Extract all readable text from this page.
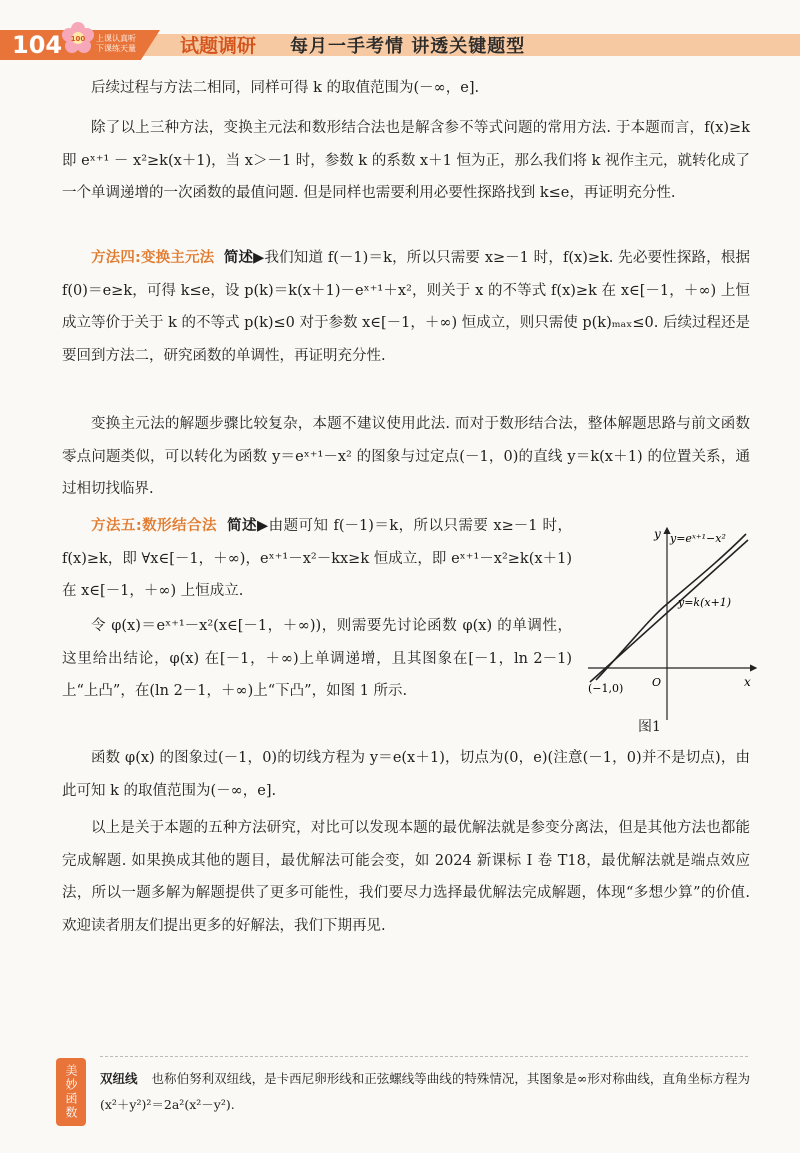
104 100 上课认真听 下课练天量	试题调研 每月一手考情 讲透关键题型
后续过程与方法二相同，同样可得 k 的取值范围为(－∞，e].
除了以上三种方法，变换主元法和数形结合法也是解含参不等式问题的常用方法. 于本题而言，f(x)≥k 即 eˣ⁺¹ － x²≥k(x＋1)，当 x＞－1 时，参数 k 的系数 x＋1 恒为正，那么我们将 k 视作主元，就转化成了一个单调递增的一次函数的最值问题. 但是同样也需要利用必要性探路找到 k≤e，再证明充分性.
方法四:变换主元法 简述▶我们知道 f(－1)＝k，所以只需要 x≥－1 时，f(x)≥k. 先必要性探路，根据 f(0)＝e≥k，可得 k≤e，设 p(k)＝k(x＋1)－eˣ⁺¹＋x²，则关于 x 的不等式 f(x)≥k 在 x∈[－1，＋∞) 上恒成立等价于关于 k 的不等式 p(k)≤0 对于参数 x∈[－1，＋∞) 恒成立，则只需使 p(k)ₘₐₓ≤0. 后续过程还是要回到方法二，研究函数的单调性，再证明充分性.
变换主元法的解题步骤比较复杂，本题不建议使用此法. 而对于数形结合法，整体解题思路与前文函数零点问题类似，可以转化为函数 y＝eˣ⁺¹－x² 的图象与过定点(－1，0)的直线 y＝k(x＋1) 的位置关系，通过相切找临界.
方法五:数形结合法 简述▶由题可知 f(－1)＝k，所以只需要 x≥－1 时，f(x)≥k，即 ∀x∈[－1，＋∞)，eˣ⁺¹－x²－kx≥k 恒成立，即 eˣ⁺¹－x²≥k(x＋1) 在 x∈[－1，＋∞) 上恒成立.
令 φ(x)＝eˣ⁺¹－x²(x∈[－1，＋∞))，则需要先讨论函数 φ(x) 的单调性，这里给出结论，φ(x) 在[－1，＋∞)上单调递增，且其图象在[－1，ln 2－1)上“上凸”，在(ln 2－1，＋∞)上“下凸”，如图 1 所示.
y=eˣ⁺¹−x²
y=k(x+1)
(−1,0)	O	x
y
图1
函数 φ(x) 的图象过(－1，0)的切线方程为 y＝e(x＋1)，切点为(0，e)(注意(－1，0)并不是切点)，由此可知 k 的取值范围为(－∞，e].
以上是关于本题的五种方法研究，对比可以发现本题的最优解法就是参变分离法，但是其他方法也都能完成解题. 如果换成其他的题目，最优解法可能会变，如 2024 新课标 Ⅰ 卷 T18，最优解法就是端点效应法，所以一题多解为解题提供了更多可能性，我们要尽力选择最优解法完成解题，体现“多想少算”的价值. 欢迎读者朋友们提出更多的好解法，我们下期再见.
美妙函数	双纽线 也称伯努利双纽线，是卡西尼卵形线和正弦螺线等曲线的特殊情况，其图象是∞形对称曲线，直角坐标方程为 (x²＋y²)²＝2a²(x²－y²).
